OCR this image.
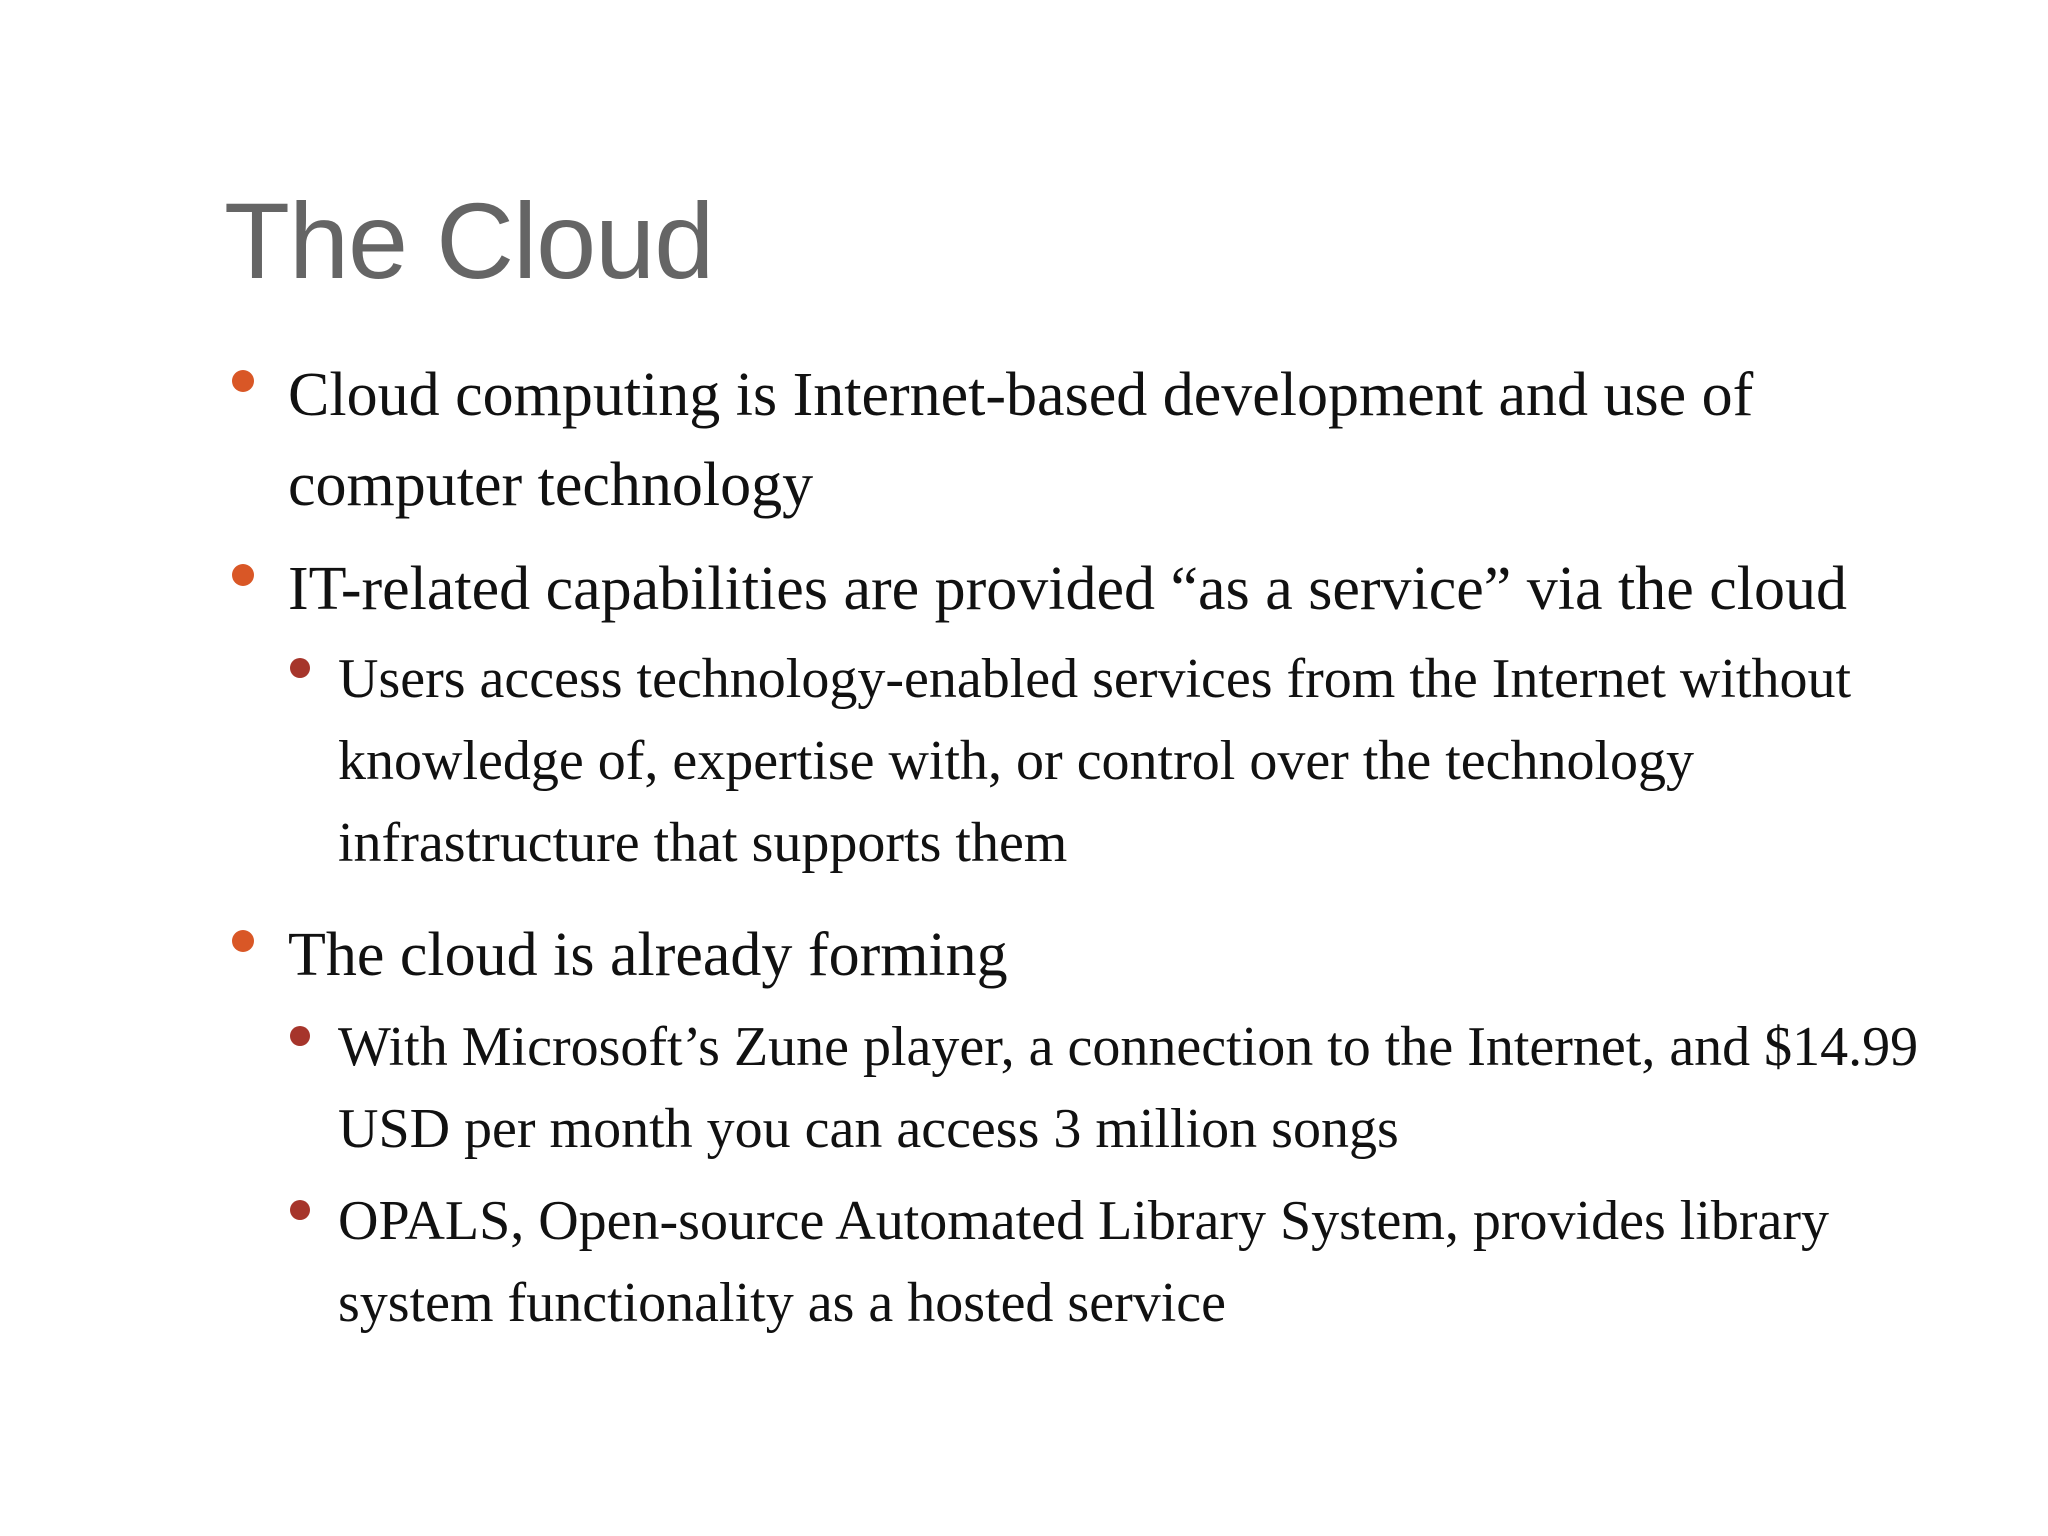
The Cloud
Cloud computing is Internet-based development and use of computer technology
IT-related capabilities are provided “as a service” via the cloud
Users access technology-enabled services from the Internet without knowledge of, expertise with, or control over the technology infrastructure that supports them
The cloud is already forming
With Microsoft’s Zune player, a connection to the Internet, and $14.99 USD per month you can access 3 million songs
OPALS, Open-source Automated Library System, provides library system functionality as a hosted service
